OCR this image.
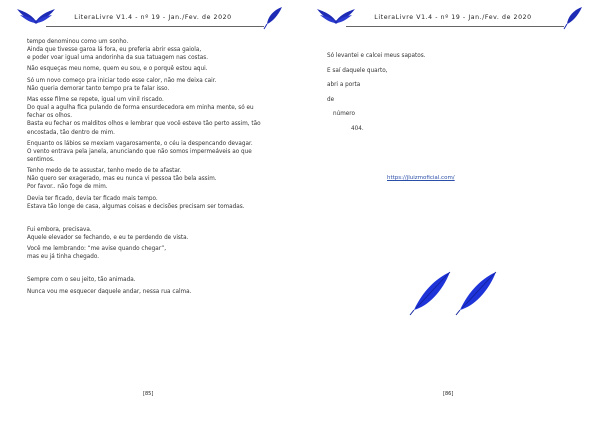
LiteraLivre V1.4 - nº 19 - Jan./Fev. de 2020

tempo denominou como um sonho.

Ainda que tivesse garoa lá fora, eu preferia abrir essa gaiola,

e poder voar igual uma andorinha da sua tatuagem nas costas.

Não esqueças meu nome, quem eu sou, e o porquê estou aqui.

Só um novo começo pra iniciar todo esse calor, não me deixa cair.

Não queria demorar tanto tempo pra te falar isso.

Mas esse filme se repete, igual um vinil riscado.

Do qual a agulha fica pulando de forma ensurdecedora em minha mente, só eu

fechar os olhos.

Basta eu fechar os malditos olhos e lembrar que você esteve tão perto assim, tão

encostada, tão dentro de mim.

Enquanto os lábios se mexiam vagarosamente, o céu ia despencando devagar.

O vento entrava pela janela, anunciando que não somos impermeáveis ao que

sentimos.

Tenho medo de te assustar, tenho medo de te afastar.

Não quero ser exagerado, mas eu nunca vi pessoa tão bela assim.

Por favor.. não foge de mim.

Devia ter ficado, devia ter ficado mais tempo.

Estava tão longe de casa, algumas coisas e decisões precisam ser tomadas.

Fui embora, precisava.

Aquele elevador se fechando, e eu te perdendo de vista.

Você me lembrando: “me avise quando chegar”,

mas eu já tinha chegado.

Sempre com o seu jeito, tão animada.

Nunca vou me esquecer daquele andar, nessa rua calma.

[85]
LiteraLivre V1.4 - nº 19 - Jan./Fev. de 2020

Só levantei e calcei meus sapatos.

E saí daquele quarto,

abri a porta

de

número

404.

https://jluizmoficial.com/
[86]
